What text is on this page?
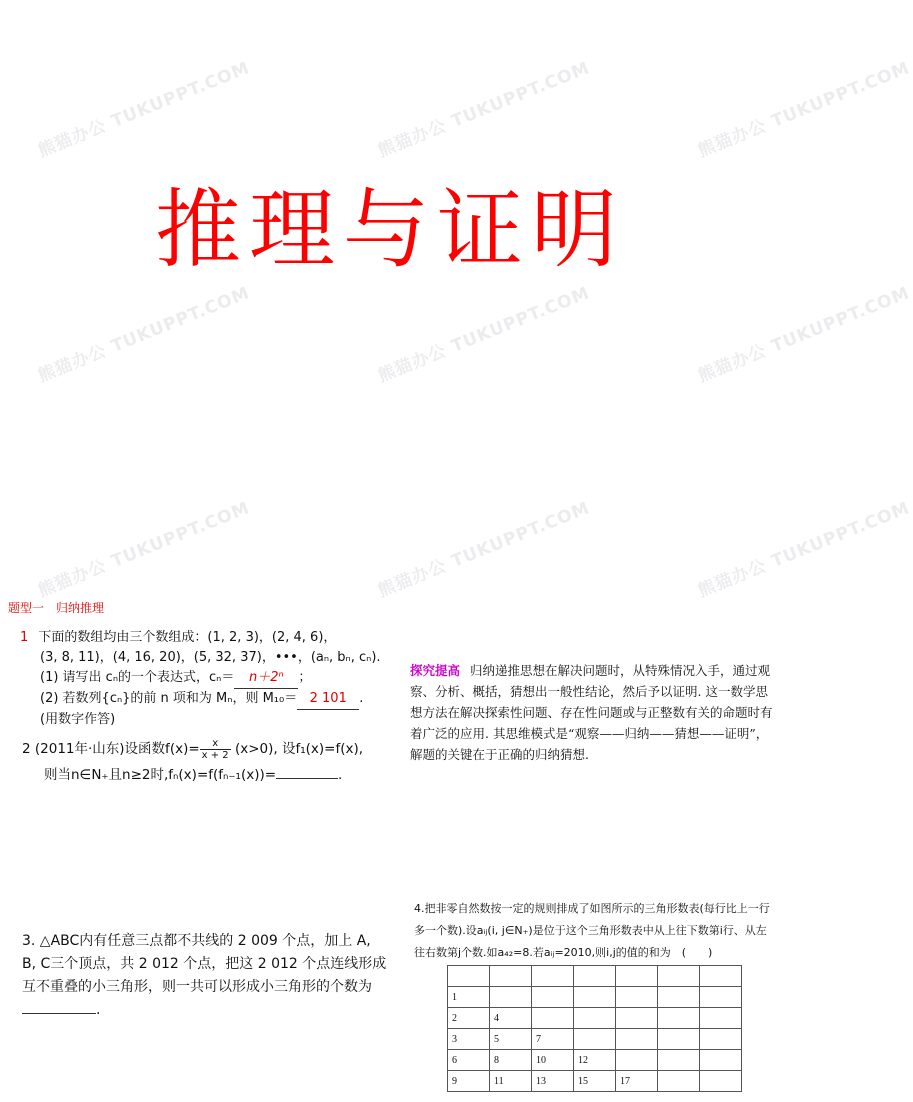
熊猫办公 TUKUPPT.COM	熊猫办公 TUKUPPT.COM	熊猫办公 TUKUPPT.COM
熊猫办公 TUKUPPT.COM	熊猫办公 TUKUPPT.COM	熊猫办公 TUKUPPT.COM
熊猫办公 TUKUPPT.COM	熊猫办公 TUKUPPT.COM	熊猫办公 TUKUPPT.COM
推理与证明
题型一　归纳推理
1 下面的数组均由三个数组成：(1, 2, 3)，(2, 4, 6)，
(3, 8, 11)，(4, 16, 20)，(5, 32, 37)，•••，(aₙ, bₙ, cₙ).
(1) 请写出 cₙ的一个表达式，cₙ＝ n＋2ⁿ ；
(2) 若数列{cₙ}的前 n 项和为 Mₙ，则 M₁₀＝ 2 101 .
(用数字作答)
2 (2011年·山东)设函数$f(x)= \frac{x}{x + 2} (x>0)$, 设f₁(x)=f(x),
则当n∈N₊且n≥2时,fₙ(x)=f(fₙ₋₁(x))=	.
探究提高 归纳递推思想在解决问题时，从特殊情况入手，通过观察、分析、概括，猜想出一般性结论，然后予以证明. 这一数学思想方法在解决探索性问题、存在性问题或与正整数有关的命题时有着广泛的应用. 其思维模式是“观察——归纳——猜想——证明”，解题的关键在于正确的归纳猜想.
3. △ABC内有任意三点都不共线的 2 009 个点，加上 A, B, C三个顶点，共 2 012 个点，把这 2 012 个点连线形成互不重叠的小三角形，则一共可以形成小三角形的个数为.
4.把非零自然数按一定的规则排成了如图所示的三角形数表(每行比上一行多一个数).设aᵢⱼ(i, j∈N₊)是位于这个三角形数表中从上往下数第i行、从左往右数第j个数.如a₄₂=8.若aᵢⱼ=2010,则i,j的值的和为　(　　)

1						
2	4					
3	5	7				
6	8	10	12			
9	11	13	15	17		
